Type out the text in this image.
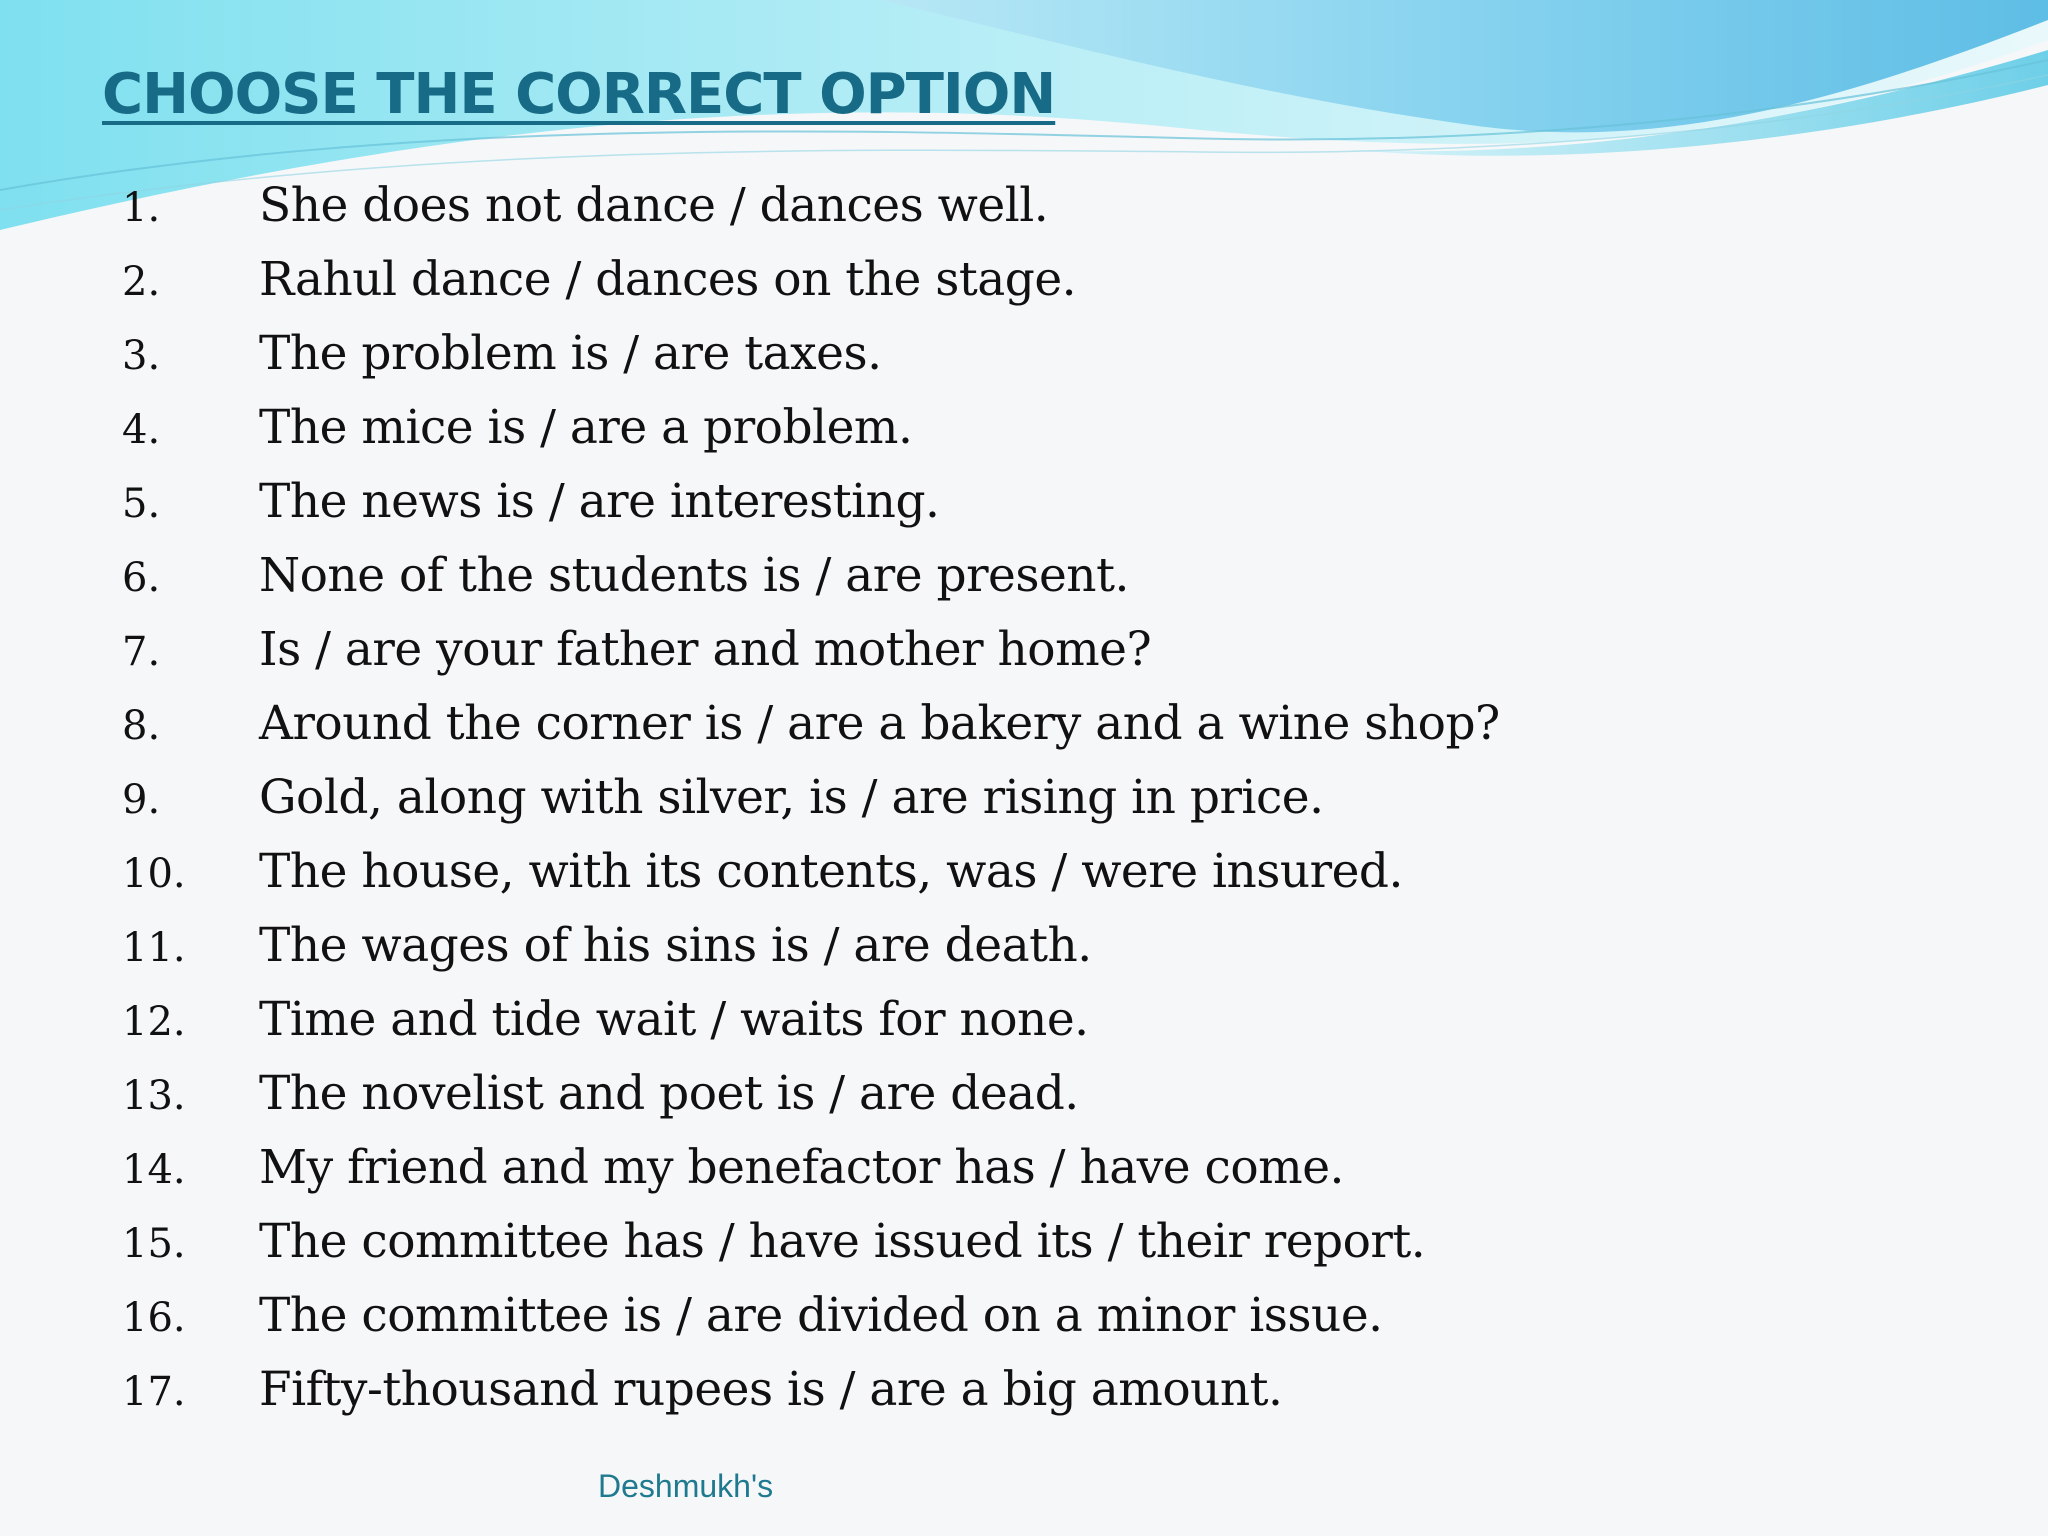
CHOOSE THE CORRECT OPTION
1.	She does not dance / dances well.
2.	Rahul dance / dances on the stage.
3.	The problem is / are taxes.
4.	The mice is / are a problem.
5.	The news is / are interesting.
6.	None of the students is / are present.
7.	Is / are your father and mother home?
8.	Around the corner is / are a bakery and a wine shop?
9.	Gold, along with silver, is / are rising in price.
10.	The house, with its contents, was / were insured.
11.	The wages of his sins is / are death.
12.	Time and tide wait / waits for none.
13.	The novelist and poet is / are dead.
14.	My friend and my benefactor has / have come.
15.	The committee has / have issued its / their report.
16.	The committee is / are divided on a minor issue.
17.	Fifty-thousand rupees is / are a big amount.
Deshmukh's
